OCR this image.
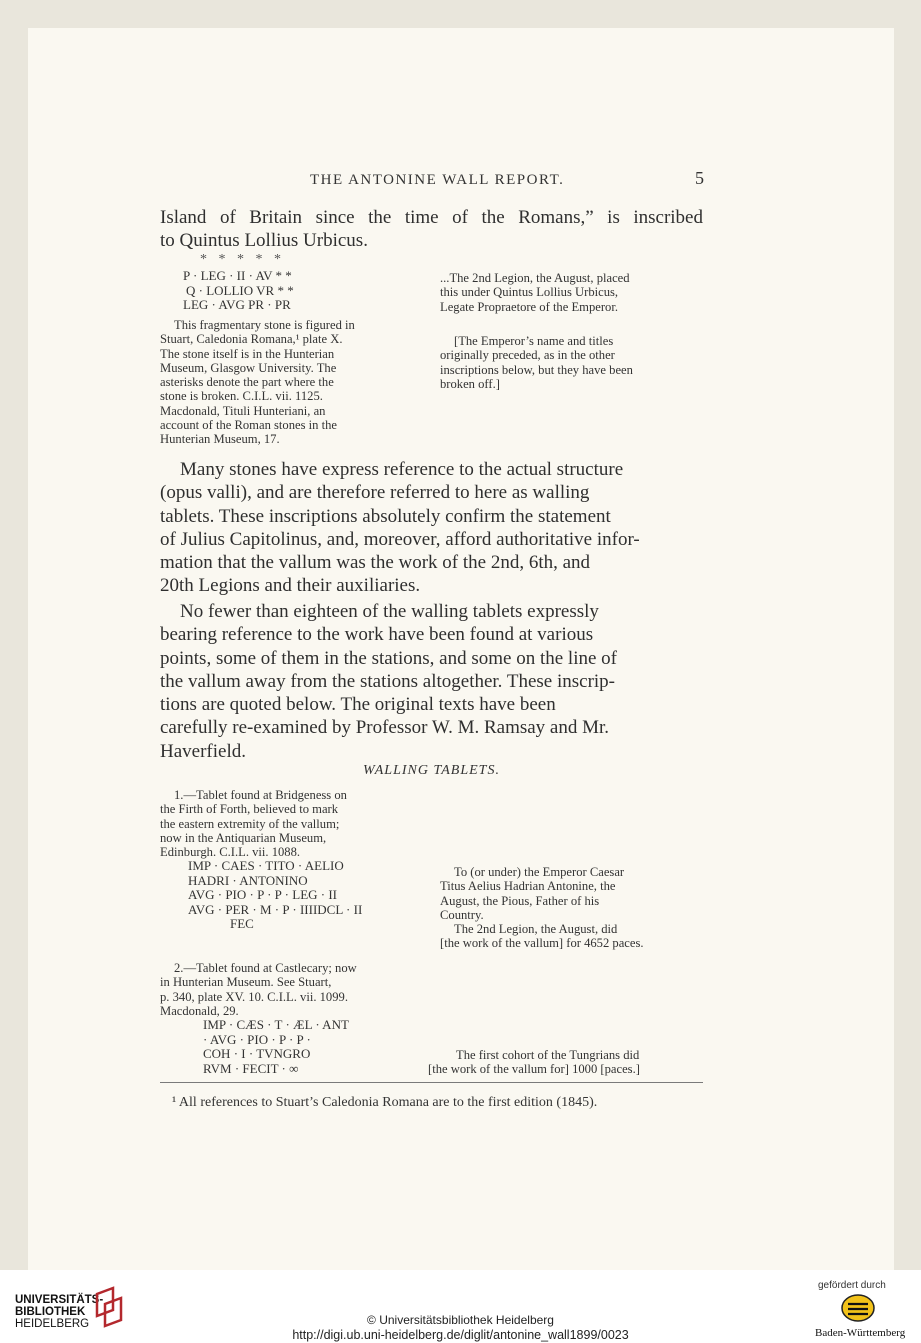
THE ANTONINE WALL REPORT.	5
Island of Britain since the time of the Romans,” is inscribed
to Quintus Lollius Urbicus.
* * * * *
P · LEG · II · AV * *
Q · LOLLIO VR * *
LEG · AVG PR · PR
This fragmentary stone is figured in
Stuart, Caledonia Romana,¹ plate X.
The stone itself is in the Hunterian
Museum, Glasgow University. The
asterisks denote the part where the
stone is broken. C.I.L. vii. 1125.
Macdonald, Tituli Hunteriani, an
account of the Roman stones in the
Hunterian Museum, 17.
...The 2nd Legion, the August, placed
this under Quintus Lollius Urbicus,
Legate Propraetore of the Emperor.
[The Emperor’s name and titles
originally preceded, as in the other
inscriptions below, but they have been
broken off.]
Many stones have express reference to the actual structure
(opus valli), and are therefore referred to here as walling
tablets. These inscriptions absolutely confirm the statement
of Julius Capitolinus, and, moreover, afford authoritative infor-
mation that the vallum was the work of the 2nd, 6th, and
20th Legions and their auxiliaries.
No fewer than eighteen of the walling tablets expressly
bearing reference to the work have been found at various
points, some of them in the stations, and some on the line of
the vallum away from the stations altogether. These inscrip-
tions are quoted below. The original texts have been
carefully re-examined by Professor W. M. Ramsay and Mr.
Haverfield.
WALLING TABLETS.
1.—Tablet found at Bridgeness on
the Firth of Forth, believed to mark
the eastern extremity of the vallum;
now in the Antiquarian Museum,
Edinburgh. C.I.L. vii. 1088.
IMP · CAES · TITO · AELIO
HADRI · ANTONINO
AVG · PIO · P · P · LEG · II
AVG · PER · M · P · IIIIDCL · II
FEC
To (or under) the Emperor Caesar
Titus Aelius Hadrian Antonine, the
August, the Pious, Father of his
Country.
The 2nd Legion, the August, did
[the work of the vallum] for 4652 paces.
2.—Tablet found at Castlecary; now
in Hunterian Museum. See Stuart,
p. 340, plate XV. 10. C.I.L. vii. 1099.
Macdonald, 29.
IMP · CÆS · T · ÆL · ANT
· AVG · PIO · P · P ·
COH · I · TVNGRO
RVM · FECIT · ∞
The first cohort of the Tungrians did
[the work of the vallum for] 1000 [paces.]
¹ All references to Stuart’s Caledonia Romana are to the first edition (1845).
UNIVERSITÄTS-
BIBLIOTHEK
HEIDELBERG	© Universitätsbibliothek Heidelberg
http://digi.ub.uni-heidelberg.de/diglit/antonine_wall1899/0023
gefördert durch
Baden-Württemberg
